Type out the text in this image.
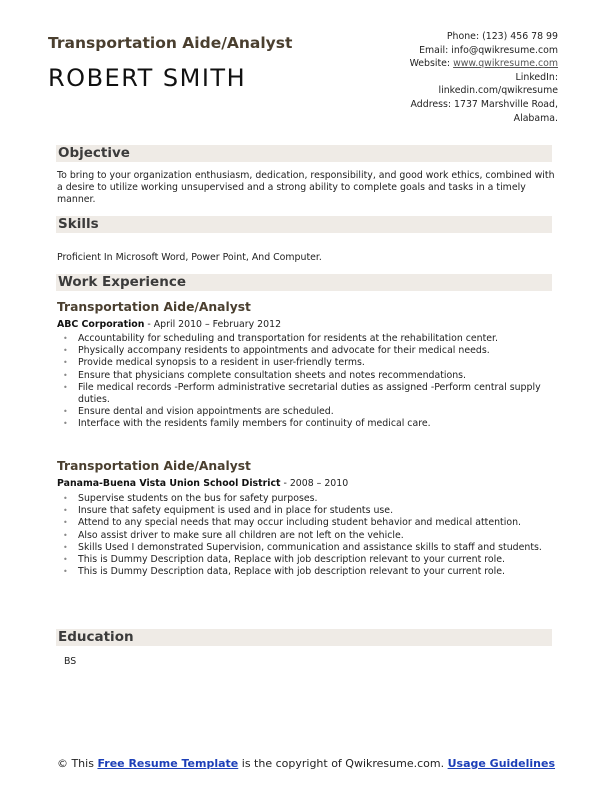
Transportation Aide/Analyst
ROBERT SMITH
Phone: (123) 456 78 99
Email: info@qwikresume.com
Website: www.qwikresume.com
LinkedIn:
linkedin.com/qwikresume
Address: 1737 Marshville Road,
Alabama.
Objective
To bring to your organization enthusiasm, dedication, responsibility, and good work ethics, combined with a desire to utilize working unsupervised and a strong ability to complete goals and tasks in a timely manner.
Skills
Proficient In Microsoft Word, Power Point, And Computer.
Work Experience
Transportation Aide/Analyst
ABC Corporation - April 2010 – February 2012
• Accountability for scheduling and transportation for residents at the rehabilitation center.
• Physically accompany residents to appointments and advocate for their medical needs.
• Provide medical synopsis to a resident in user-friendly terms.
• Ensure that physicians complete consultation sheets and notes recommendations.
• File medical records -Perform administrative secretarial duties as assigned -Perform central supply duties.
• Ensure dental and vision appointments are scheduled.
• Interface with the residents family members for continuity of medical care.
Transportation Aide/Analyst
Panama-Buena Vista Union School District - 2008 – 2010
• Supervise students on the bus for safety purposes.
• Insure that safety equipment is used and in place for students use.
• Attend to any special needs that may occur including student behavior and medical attention.
• Also assist driver to make sure all children are not left on the vehicle.
• Skills Used I demonstrated Supervision, communication and assistance skills to staff and students.
• This is Dummy Description data, Replace with job description relevant to your current role.
• This is Dummy Description data, Replace with job description relevant to your current role.
Education
BS
© This Free Resume Template is the copyright of Qwikresume.com. Usage Guidelines
